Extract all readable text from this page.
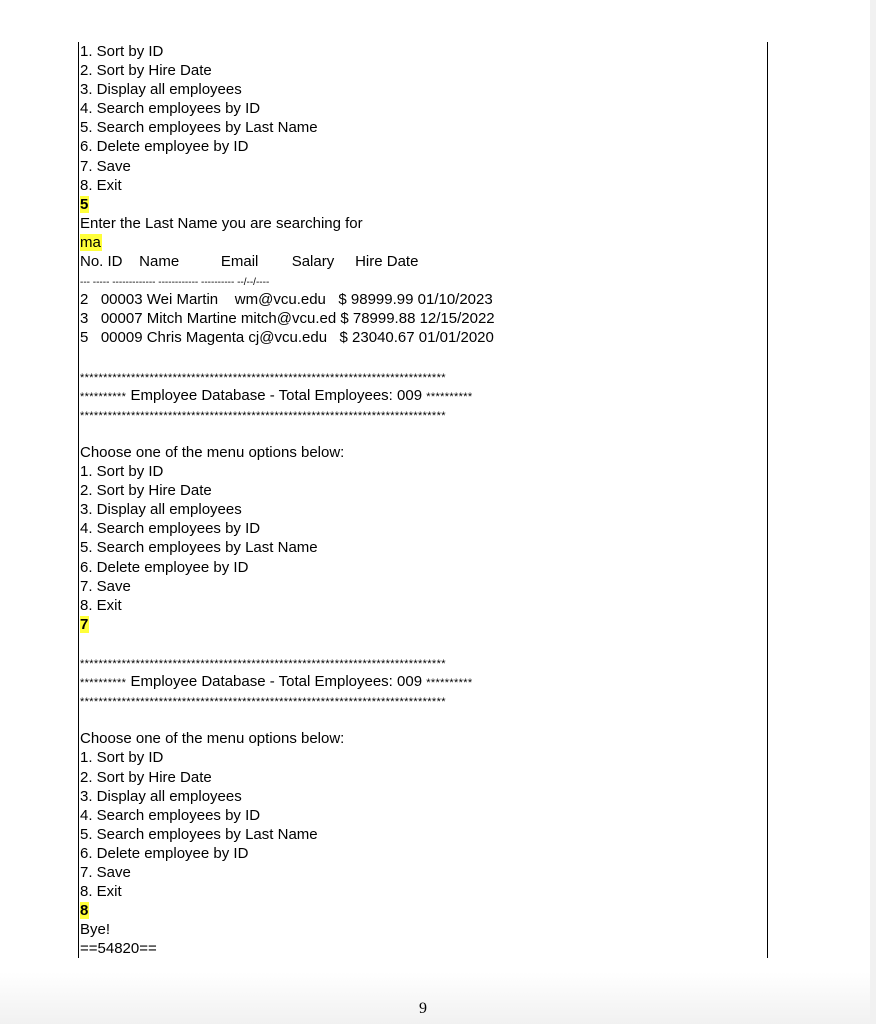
1. Sort by ID
2. Sort by Hire Date
3. Display all employees
4. Search employees by ID
5. Search employees by Last Name
6. Delete employee by ID
7. Save
8. Exit
5
Enter the Last Name you are searching for
ma
No. ID    Name          Email        Salary     Hire Date
--- ----- ------------- ------------ ---------- --/--/----
2   00003 Wei Martin    wm@vcu.edu   $ 98999.99 01/10/2023
3   00007 Mitch Martine mitch@vcu.ed $ 78999.88 12/15/2022
5   00009 Chris Magenta cj@vcu.edu   $ 23040.67 01/01/2020
*******************************************************************************
********** Employee Database - Total Employees: 009 **********
*******************************************************************************
Choose one of the menu options below:
1. Sort by ID
2. Sort by Hire Date
3. Display all employees
4. Search employees by ID
5. Search employees by Last Name
6. Delete employee by ID
7. Save
8. Exit
7
*******************************************************************************
********** Employee Database - Total Employees: 009 **********
*******************************************************************************
Choose one of the menu options below:
1. Sort by ID
2. Sort by Hire Date
3. Display all employees
4. Search employees by ID
5. Search employees by Last Name
6. Delete employee by ID
7. Save
8. Exit
8
Bye!
==54820==
9
